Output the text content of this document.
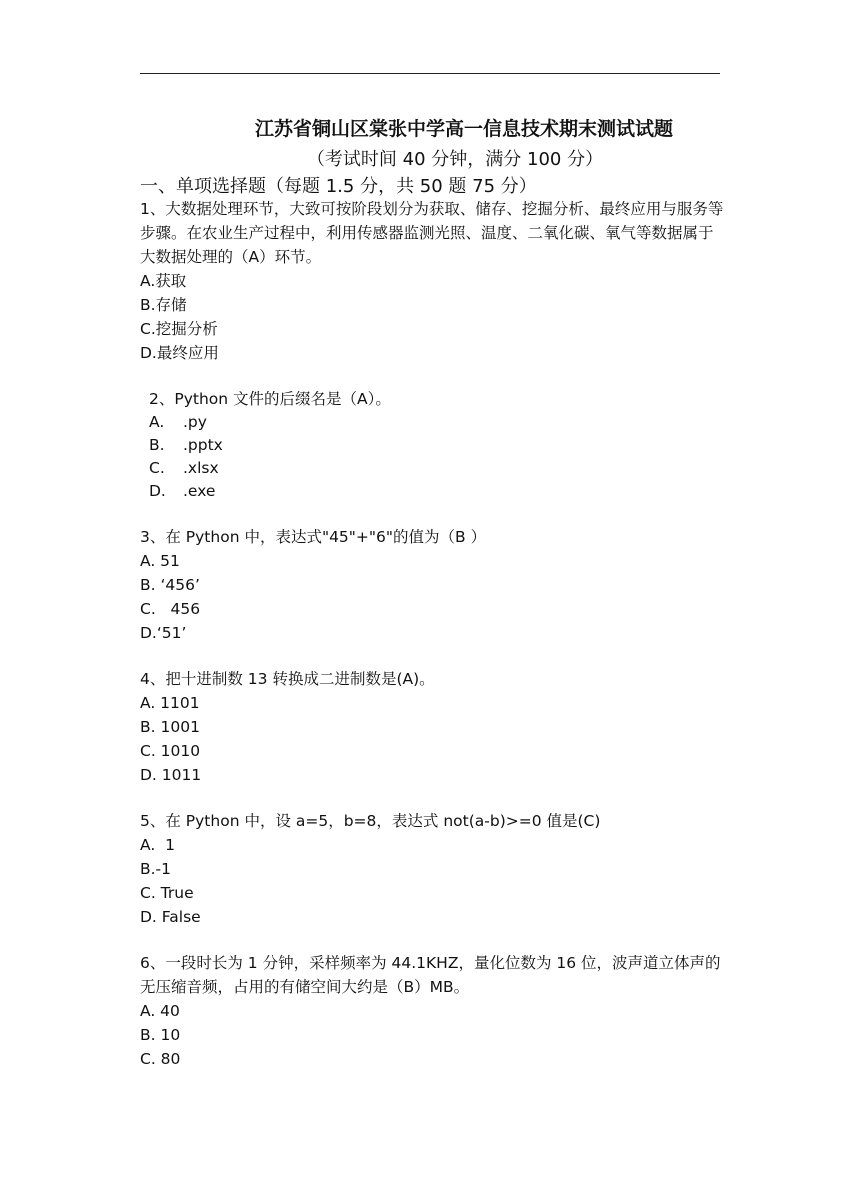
江苏省铜山区棠张中学高一信息技术期末测试试题
（考试时间 40 分钟，满分 100 分）
一、单项选择题（每题 1.5 分，共 50 题 75 分）

1、大数据处理环节，大致可按阶段划分为获取、储存、挖掘分析、最终应用与服务等步骤。在农业生产过程中，利用传感器监测光照、温度、二氧化碳、氧气等数据属于大数据处理的（A）环节。

A.获取

B.存储

C.挖掘分析

D.最终应用

2、Python 文件的后缀名是（A）。

A. .py

B. .pptx

C. .xlsx

D. .exe

3、在 Python 中，表达式"45"+"6"的值为（B ）

A. 51

B. ‘456’

C.   456

D.‘51’

4、把十进制数 13 转换成二进制数是(A)。

A. 1101

B. 1001

C. 1010

D. 1011

5、在 Python 中，设 a=5，b=8，表达式 not(a-b)>=0 值是(C)

A.  1

B.-1

C. True

D. False

6、一段时长为 1 分钟，采样频率为 44.1KHZ，量化位数为 16 位，波声道立体声的无压缩音频，占用的有储空间大约是（B）MB。

A. 40

B. 10

C. 80
